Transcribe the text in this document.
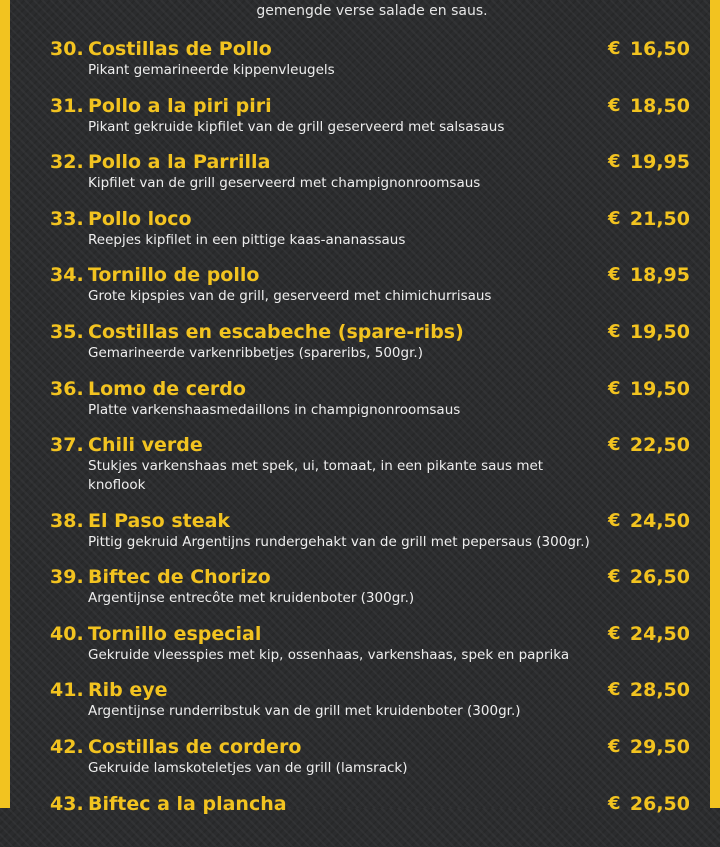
gemengde verse salade en saus.
30. Costillas de Pollo	€ 16,50
Pikant gemarineerde kippenvleugels
31. Pollo a la piri piri	€ 18,50
Pikant gekruide kipfilet van de grill geserveerd met salsasaus
32. Pollo a la Parrilla	€ 19,95
Kipfilet van de grill geserveerd met champignonroomsaus
33. Pollo loco	€ 21,50
Reepjes kipfilet in een pittige kaas-ananassaus
34. Tornillo de pollo	€ 18,95
Grote kipspies van de grill, geserveerd met chimichurrisaus
35. Costillas en escabeche (spare-ribs)	€ 19,50
Gemarineerde varkenribbetjes (spareribs, 500gr.)
36. Lomo de cerdo	€ 19,50
Platte varkenshaasmedaillons in champignonroomsaus
37. Chili verde	€ 22,50
Stukjes varkenshaas met spek, ui, tomaat, in een pikante saus met knoflook
38. El Paso steak	€ 24,50
Pittig gekruid Argentijns rundergehakt van de grill met pepersaus (300gr.)
39. Biftec de Chorizo	€ 26,50
Argentijnse entrecôte met kruidenboter (300gr.)
40. Tornillo especial	€ 24,50
Gekruide vleesspies met kip, ossenhaas, varkenshaas, spek en paprika
41. Rib eye	€ 28,50
Argentijnse runderribstuk van de grill met kruidenboter (300gr.)
42. Costillas de cordero	€ 29,50
Gekruide lamskoteletjes van de grill (lamsrack)
43. Biftec a la plancha	€ 26,50
